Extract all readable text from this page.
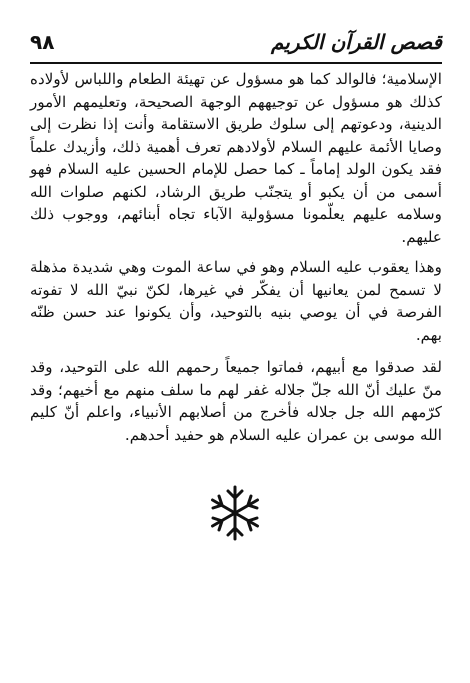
٩٨	قصص القرآن الكريم

الإسلامية؛ فالوالد كما هو مسؤول عن تهيئة الطعام واللباس لأولاده كذلك هو مسؤول عن توجيههم الوجهة الصحيحة، وتعليمهم الأمور الدينية، ودعوتهم إلى سلوك طريق الاستقامة وأنت إذا نظرت إلى وصايا الأئمة عليهم السلام لأولادهم تعرف أهمية ذلك، وأزيدك علماً فقد يكون الولد إماماً ـ كما حصل للإمام الحسين عليه السلام فهو أسمى من أن يكبو أو يتجنّب طريق الرشاد، لكنهم صلوات الله وسلامه عليهم يعلّمونا مسؤولية الآباء تجاه أبنائهم، ووجوب ذلك عليهم.

وهذا يعقوب عليه السلام وهو في ساعة الموت وهي شديدة مذهلة لا تسمح لمن يعانيها أن يفكّر في غيرها، لكنّ نبيّ الله لا تفوته الفرصة في أن يوصي بنيه بالتوحيد، وأن يكونوا عند حسن ظنّه بهم.

لقد صدقوا مع أبيهم، فماتوا جميعاً رحمهم الله على التوحيد، وقد منّ عليك أنّ الله جلّ جلاله غفر لهم ما سلف منهم مع أخيهم؛ وقد كرّمهم الله جل جلاله فأخرج من أصلابهم الأنبياء، واعلم أنّ كليم الله موسى بن عمران عليه السلام هو حفيد أحدهم.
